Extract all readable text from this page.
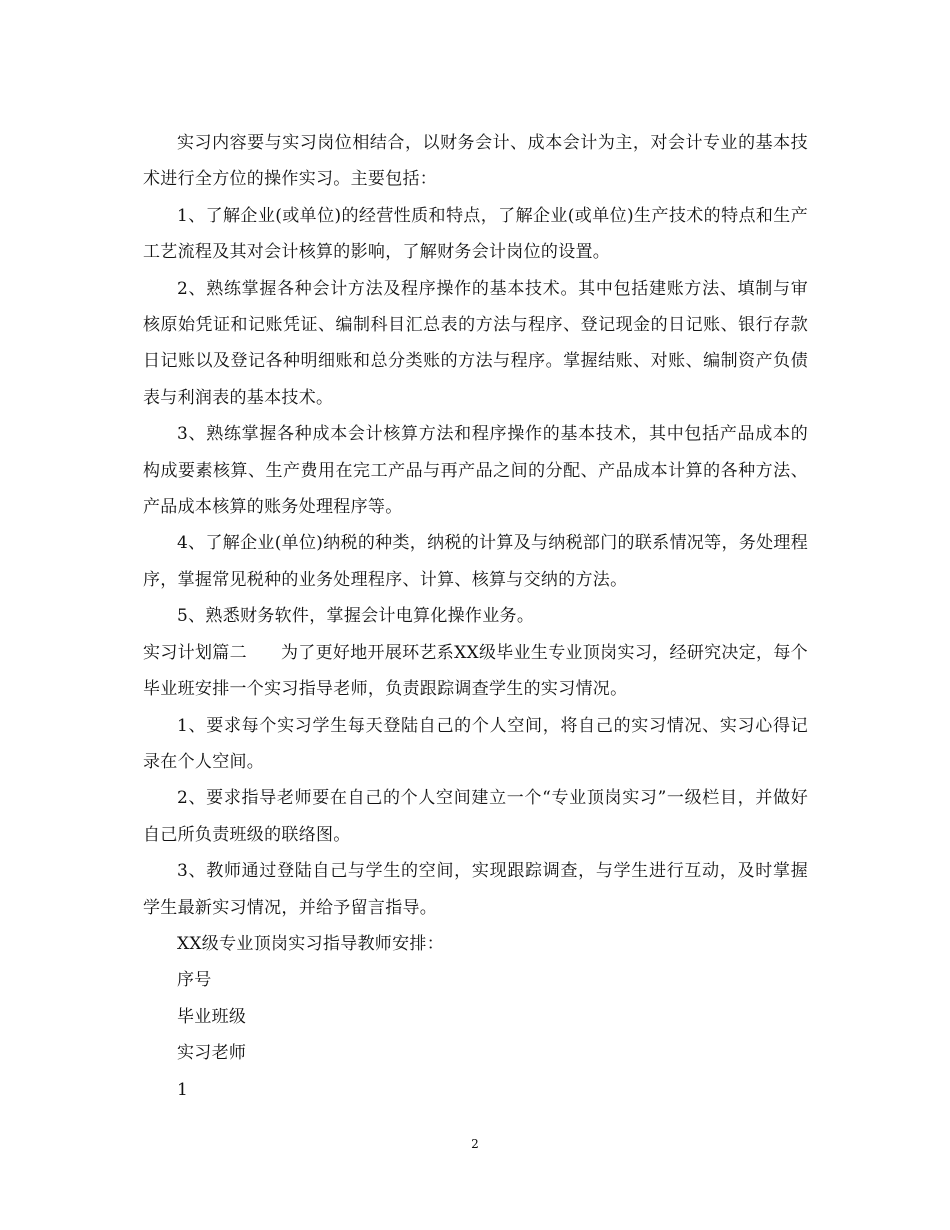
实习内容要与实习岗位相结合，以财务会计、成本会计为主，对会计专业的基本技术进行全方位的操作实习。主要包括：

1、了解企业(或单位)的经营性质和特点，了解企业(或单位)生产技术的特点和生产工艺流程及其对会计核算的影响，了解财务会计岗位的设置。

2、熟练掌握各种会计方法及程序操作的基本技术。其中包括建账方法、填制与审核原始凭证和记账凭证、编制科目汇总表的方法与程序、登记现金的日记账、银行存款日记账以及登记各种明细账和总分类账的方法与程序。掌握结账、对账、编制资产负债表与利润表的基本技术。

3、熟练掌握各种成本会计核算方法和程序操作的基本技术，其中包括产品成本的构成要素核算、生产费用在完工产品与再产品之间的分配、产品成本计算的各种方法、产品成本核算的账务处理程序等。

4、了解企业(单位)纳税的种类，纳税的计算及与纳税部门的联系情况等，务处理程序，掌握常见税种的业务处理程序、计算、核算与交纳的方法。

5、熟悉财务软件，掌握会计电算化操作业务。

实习计划篇二 为了更好地开展环艺系XX级毕业生专业顶岗实习，经研究决定，每个毕业班安排一个实习指导老师，负责跟踪调查学生的实习情况。

1、要求每个实习学生每天登陆自己的个人空间，将自己的实习情况、实习心得记录在个人空间。

2、要求指导老师要在自己的个人空间建立一个“专业顶岗实习”一级栏目，并做好自己所负责班级的联络图。

3、教师通过登陆自己与学生的空间，实现跟踪调查，与学生进行互动，及时掌握学生最新实习情况，并给予留言指导。

XX级专业顶岗实习指导教师安排：

序号

毕业班级

实习老师

1

2
